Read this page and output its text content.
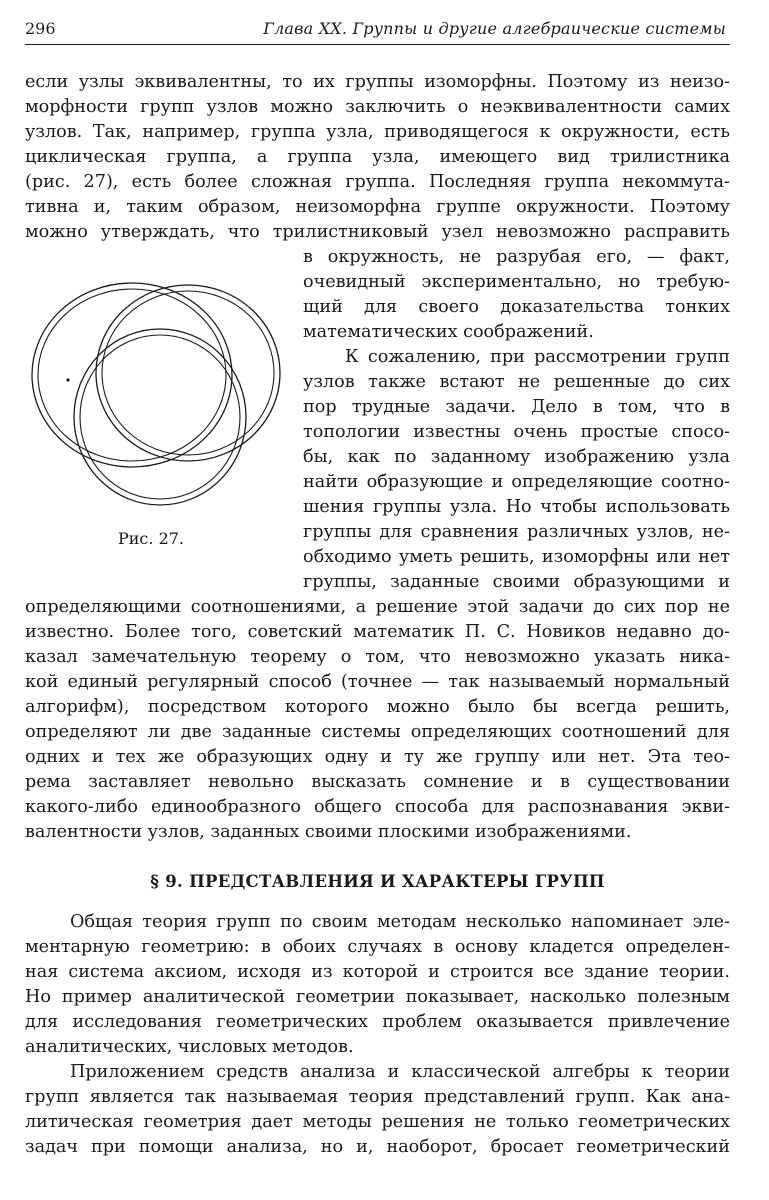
296	Глава XX. Группы и другие алгебраические системы
если узлы эквивалентны, то их группы изоморфны. Поэтому из неизо-
морфности групп узлов можно заключить о неэквивалентности самих
узлов. Так, например, группа узла, приводящегося к окружности, есть
циклическая группа, а группа узла, имеющего вид трилистника
(рис. 27), есть более сложная группа. Последняя группа некоммута-
тивна и, таким образом, неизоморфна группе окружности. Поэтому
можно утверждать, что трилистниковый узел невозможно расправить
в окружность, не разрубая его, — факт,
очевидный экспериментально, но требую-
щий для своего доказательства тонких
математических соображений.
Рис. 27.
К сожалению, при рассмотрении групп
узлов также встают не решенные до сих
пор трудные задачи. Дело в том, что в
топологии известны очень простые спосо-
бы, как по заданному изображению узла
найти образующие и определяющие соотно-
шения группы узла. Но чтобы использовать
группы для сравнения различных узлов, не-
обходимо уметь решить, изоморфны или нет
группы, заданные своими образующими и
определяющими соотношениями, а решение этой задачи до сих пор не
известно. Более того, советский математик П. С. Новиков недавно до-
казал замечательную теорему о том, что невозможно указать ника-
кой единый регулярный способ (точнее — так называемый нормальный
алгорифм), посредством которого можно было бы всегда решить,
определяют ли две заданные системы определяющих соотношений для
одних и тех же образующих одну и ту же группу или нет. Эта тео-
рема заставляет невольно высказать сомнение и в существовании
какого-либо единообразного общего способа для распознавания экви-
валентности узлов, заданных своими плоскими изображениями.
§ 9. ПРЕДСТАВЛЕНИЯ И ХАРАКТЕРЫ ГРУПП
Общая теория групп по своим методам несколько напоминает эле-
ментарную геометрию: в обоих случаях в основу кладется определен-
ная система аксиом, исходя из которой и строится все здание теории.
Но пример аналитической геометрии показывает, насколько полезным
для исследования геометрических проблем оказывается привлечение
аналитических, числовых методов.
Приложением средств анализа и классической алгебры к теории
групп является так называемая теория представлений групп. Как ана-
литическая геометрия дает методы решения не только геометрических
задач при помощи анализа, но и, наоборот, бросает геометрический
